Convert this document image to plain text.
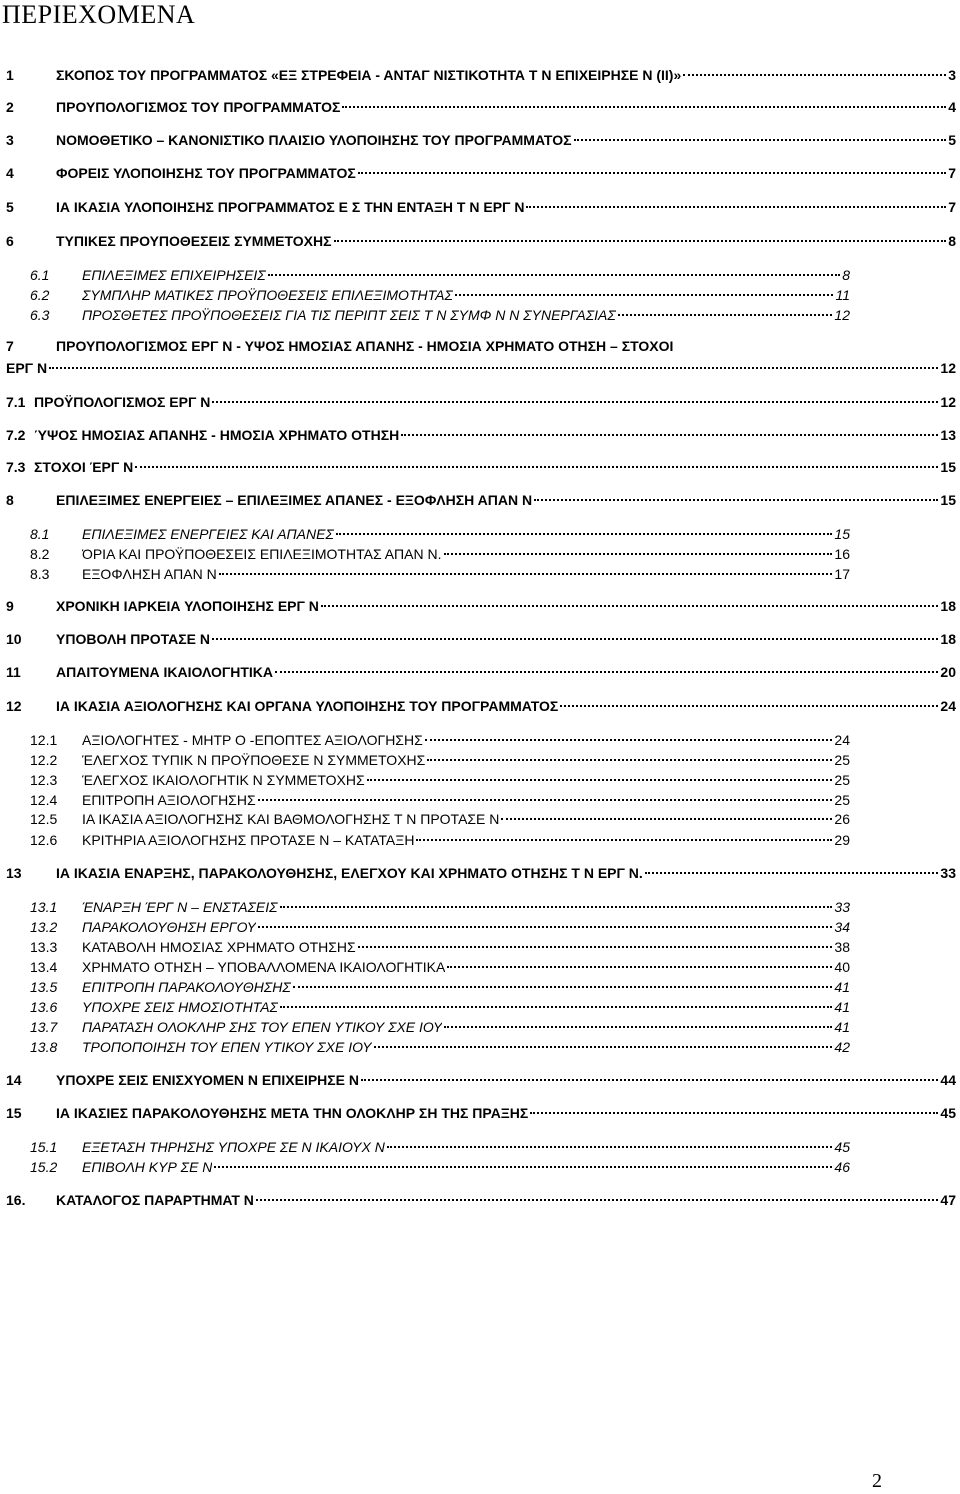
ΠΕΡΙΕΧΟΜΕΝΑ
1	ΣΚΟΠΟΣ ΤΟΥ ΠΡΟΓΡΑΜΜΑΤΟΣ «ΕΞ ΣΤΡΕΦΕΙΑ - ΑΝΤΑΓ ΝΙΣΤΙΚΟΤΗΤΑ Τ Ν ΕΠΙΧΕΙΡΗΣΕ Ν (ΙΙ)»	3
2	ΠΡΟΥΠΟΛΟΓΙΣΜΟΣ ΤΟΥ ΠΡΟΓΡΑΜΜΑΤΟΣ	4
3	ΝΟΜΟΘΕΤΙΚΟ – ΚΑΝΟΝΙΣΤΙΚΟ ΠΛΑΙΣΙΟ ΥΛΟΠΟΙΗΣΗΣ ΤΟΥ ΠΡΟΓΡΑΜΜΑΤΟΣ	5
4	ΦΟΡΕΙΣ ΥΛΟΠΟΙΗΣΗΣ ΤΟΥ ΠΡΟΓΡΑΜΜΑΤΟΣ	7
5	ΙΑ ΙΚΑΣΙΑ ΥΛΟΠΟΙΗΣΗΣ ΠΡΟΓΡΑΜΜΑΤΟΣ Ε Σ ΤΗΝ ΕΝΤΑΞΗ Τ Ν ΕΡΓ Ν	7
6	ΤΥΠΙΚΕΣ ΠΡΟΥΠΟΘΕΣΕΙΣ ΣΥΜΜΕΤΟΧΗΣ	8
6.1	ΕΠΙΛΕΞΙΜΕΣ ΕΠΙΧΕΙΡΗΣΕΙΣ	8
6.2	ΣΥΜΠΛΗΡ ΜΑΤΙΚΕΣ ΠΡΟΫΠΟΘΕΣΕΙΣ ΕΠΙΛΕΞΙΜΟΤΗΤΑΣ	11
6.3	ΠΡΟΣΘΕΤΕΣ ΠΡΟΫΠΟΘΕΣΕΙΣ ΓΙΑ ΤΙΣ ΠΕΡΙΠΤ ΣΕΙΣ Τ Ν ΣΥΜΦ Ν Ν ΣΥΝΕΡΓΑΣΙΑΣ	12
7	ΠΡΟΥΠΟΛΟΓΙΣΜΟΣ ΕΡΓ Ν - ΥΨΟΣ ΗΜΟΣΙΑΣ ΑΠΑΝΗΣ - ΗΜΟΣΙΑ ΧΡΗΜΑΤΟ ΟΤΗΣΗ – ΣΤΟΧΟΙ
ΕΡΓ Ν	12
7.1 ΠΡΟΫΠΟΛΟΓΙΣΜΟΣ ΕΡΓ Ν	12
7.2 ΎΨΟΣ ΗΜΟΣΙΑΣ ΑΠΑΝΗΣ - ΗΜΟΣΙΑ ΧΡΗΜΑΤΟ ΟΤΗΣΗ	13
7.3 ΣΤΟΧΟΙ ΈΡΓ Ν	15
8	ΕΠΙΛΕΞΙΜΕΣ ΕΝΕΡΓΕΙΕΣ – ΕΠΙΛΕΞΙΜΕΣ ΑΠΑΝΕΣ - ΕΞΟΦΛΗΣΗ ΑΠΑΝ Ν	15
8.1	ΕΠΙΛΕΞΙΜΕΣ ΕΝΕΡΓΕΙΕΣ ΚΑΙ ΑΠΑΝΕΣ	15
8.2	ΌΡΙΑ ΚΑΙ ΠΡΟΫΠΟΘΕΣΕΙΣ ΕΠΙΛΕΞΙΜΟΤΗΤΑΣ ΑΠΑΝ Ν.	16
8.3	ΕΞΟΦΛΗΣΗ ΑΠΑΝ Ν	17
9	ΧΡΟΝΙΚΗ ΙΑΡΚΕΙΑ ΥΛΟΠΟΙΗΣΗΣ ΕΡΓ Ν	18
10	ΥΠΟΒΟΛΗ ΠΡΟΤΑΣΕ Ν	18
11	ΑΠΑΙΤΟΥΜΕΝΑ ΙΚΑΙΟΛΟΓΗΤΙΚΑ	20
12	ΙΑ ΙΚΑΣΙΑ ΑΞΙΟΛΟΓΗΣΗΣ ΚΑΙ ΟΡΓΑΝΑ ΥΛΟΠΟΙΗΣΗΣ ΤΟΥ ΠΡΟΓΡΑΜΜΑΤΟΣ	24
12.1	ΑΞΙΟΛΟΓΗΤΕΣ - ΜΗΤΡ Ο -ΕΠΟΠΤΕΣ ΑΞΙΟΛΟΓΗΣΗΣ	24
12.2	ΈΛΕΓΧΟΣ ΤΥΠΙΚ Ν ΠΡΟΫΠΟΘΕΣΕ Ν ΣΥΜΜΕΤΟΧΗΣ	25
12.3	ΈΛΕΓΧΟΣ ΙΚΑΙΟΛΟΓΗΤΙΚ Ν ΣΥΜΜΕΤΟΧΗΣ	25
12.4	ΕΠΙΤΡΟΠΗ ΑΞΙΟΛΟΓΗΣΗΣ	25
12.5	ΙΑ ΙΚΑΣΙΑ ΑΞΙΟΛΟΓΗΣΗΣ ΚΑΙ ΒΑΘΜΟΛΟΓΗΣΗΣ Τ Ν ΠΡΟΤΑΣΕ Ν	26
12.6	ΚΡΙΤΗΡΙΑ ΑΞΙΟΛΟΓΗΣΗΣ ΠΡΟΤΑΣΕ Ν – ΚΑΤΑΤΑΞΗ	29
13	ΙΑ ΙΚΑΣΙΑ ΕΝΑΡΞΗΣ, ΠΑΡΑΚΟΛΟΥΘΗΣΗΣ, ΕΛΕΓΧΟΥ ΚΑΙ ΧΡΗΜΑΤΟ ΟΤΗΣΗΣ Τ Ν ΕΡΓ Ν.	33
13.1	ΈΝΑΡΞΗ ΈΡΓ Ν – ΕΝΣΤΑΣΕΙΣ	33
13.2	ΠΑΡΑΚΟΛΟΥΘΗΣΗ ΕΡΓΟΥ	34
13.3	ΚΑΤΑΒΟΛΗ ΗΜΟΣΙΑΣ ΧΡΗΜΑΤΟ ΟΤΗΣΗΣ	38
13.4	ΧΡΗΜΑΤΟ ΟΤΗΣΗ – ΥΠΟΒΑΛΛΟΜΕΝΑ ΙΚΑΙΟΛΟΓΗΤΙΚΑ	40
13.5	ΕΠΙΤΡΟΠΗ ΠΑΡΑΚΟΛΟΥΘΗΣΗΣ	41
13.6	ΥΠΟΧΡΕ ΣΕΙΣ ΗΜΟΣΙΟΤΗΤΑΣ	41
13.7	ΠΑΡΑΤΑΣΗ ΟΛΟΚΛΗΡ ΣΗΣ ΤΟΥ ΕΠΕΝ ΥΤΙΚΟΥ ΣΧΕ ΙΟΥ	41
13.8	ΤΡΟΠΟΠΟΙΗΣΗ ΤΟΥ ΕΠΕΝ ΥΤΙΚΟΥ ΣΧΕ ΙΟΥ	42
14	ΥΠΟΧΡΕ ΣΕΙΣ ΕΝΙΣΧΥΟΜΕΝ Ν ΕΠΙΧΕΙΡΗΣΕ Ν	44
15	ΙΑ ΙΚΑΣΙΕΣ ΠΑΡΑΚΟΛΟΥΘΗΣΗΣ ΜΕΤΑ ΤΗΝ ΟΛΟΚΛΗΡ ΣΗ ΤΗΣ ΠΡΑΞΗΣ	45
15.1	ΕΞΕΤΑΣΗ ΤΗΡΗΣΗΣ ΥΠΟΧΡΕ ΣΕ Ν ΙΚΑΙΟΥΧ Ν	45
15.2	ΕΠΙΒΟΛΗ ΚΥΡ ΣΕ Ν	46
16.	ΚΑΤΑΛΟΓΟΣ ΠΑΡΑΡΤΗΜΑΤ Ν	47
2
